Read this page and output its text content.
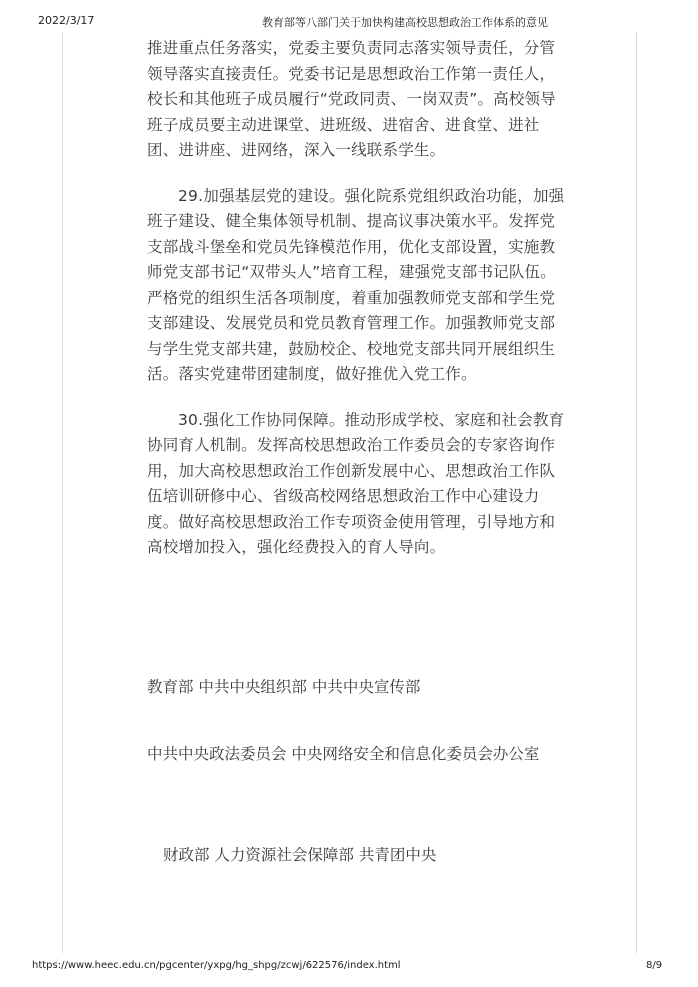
2022/3/17	教育部等八部门关于加快构建高校思想政治工作体系的意见

推进重点任务落实，党委主要负责同志落实领导责任，分管领导落实直接责任。党委书记是思想政治工作第一责任人，校长和其他班子成员履行“党政同责、一岗双责”。高校领导班子成员要主动进课堂、进班级、进宿舍、进食堂、进社团、进讲座、进网络，深入一线联系学生。

29.加强基层党的建设。强化院系党组织政治功能，加强班子建设、健全集体领导机制、提高议事决策水平。发挥党支部战斗堡垒和党员先锋模范作用，优化支部设置，实施教师党支部书记“双带头人”培育工程，建强党支部书记队伍。严格党的组织生活各项制度，着重加强教师党支部和学生党支部建设、发展党员和党员教育管理工作。加强教师党支部与学生党支部共建，鼓励校企、校地党支部共同开展组织生活。落实党建带团建制度，做好推优入党工作。

30.强化工作协同保障。推动形成学校、家庭和社会教育协同育人机制。发挥高校思想政治工作委员会的专家咨询作用，加大高校思想政治工作创新发展中心、思想政治工作队伍培训研修中心、省级高校网络思想政治工作中心建设力度。做好高校思想政治工作专项资金使用管理，引导地方和高校增加投入，强化经费投入的育人导向。

教育部 中共中央组织部 中共中央宣传部
中共中央政法委员会 中央网络安全和信息化委员会办公室
财政部 人力资源社会保障部 共青团中央
https://www.heec.edu.cn/pgcenter/yxpg/hg_shpg/zcwj/622576/index.html	8/9
